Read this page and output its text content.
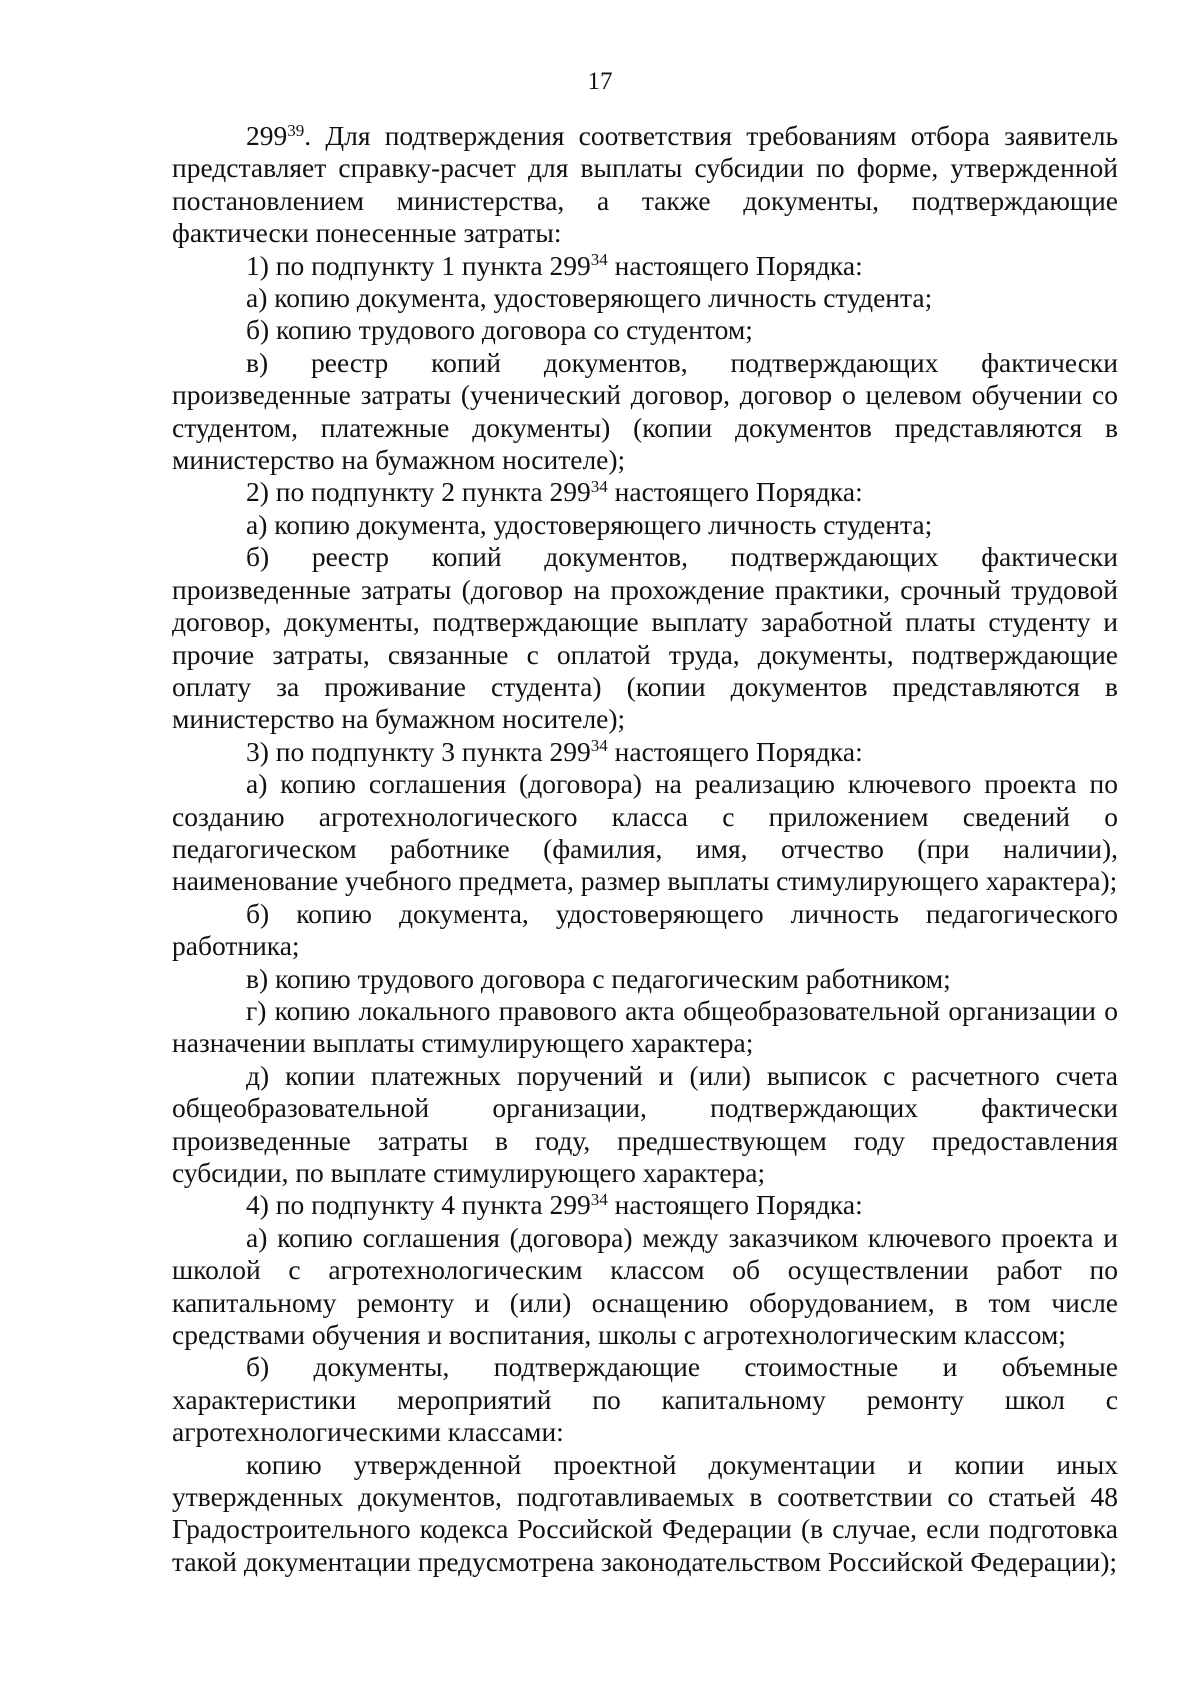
17

$299^{39}$. Для подтверждения соответствия требованиям отбора заявитель представляет справку-расчет для выплаты субсидии по форме, утвержденной постановлением министерства, а также документы, подтверждающие фактически понесенные затраты:

1) по подпункту 1 пункта $299^{34}$ настоящего Порядка:

а) копию документа, удостоверяющего личность студента;

б) копию трудового договора со студентом;

в) реестр копий документов, подтверждающих фактически произведенные затраты (ученический договор, договор о целевом обучении со студентом, платежные документы) (копии документов представляются в министерство на бумажном носителе);

2) по подпункту 2 пункта $299^{34}$ настоящего Порядка:

а) копию документа, удостоверяющего личность студента;

б) реестр копий документов, подтверждающих фактически произведенные затраты (договор на прохождение практики, срочный трудовой договор, документы, подтверждающие выплату заработной платы студенту и прочие затраты, связанные с оплатой труда, документы, подтверждающие оплату за проживание студента) (копии документов представляются в министерство на бумажном носителе);

3) по подпункту 3 пункта $299^{34}$ настоящего Порядка:

а) копию соглашения (договора) на реализацию ключевого проекта по созданию агротехнологического класса с приложением сведений о педагогическом работнике (фамилия, имя, отчество (при наличии), наименование учебного предмета, размер выплаты стимулирующего характера);

б) копию документа, удостоверяющего личность педагогического работника;

в) копию трудового договора с педагогическим работником;

г) копию локального правового акта общеобразовательной организации о назначении выплаты стимулирующего характера;

д) копии платежных поручений и (или) выписок с расчетного счета общеобразовательной организации, подтверждающих фактически произведенные затраты в году, предшествующем году предоставления субсидии, по выплате стимулирующего характера;

4) по подпункту 4 пункта $299^{34}$ настоящего Порядка:

а) копию соглашения (договора) между заказчиком ключевого проекта и школой с агротехнологическим классом об осуществлении работ по капитальному ремонту и (или) оснащению оборудованием, в том числе средствами обучения и воспитания, школы с агротехнологическим классом;

б) документы, подтверждающие стоимостные и объемные характеристики мероприятий по капитальному ремонту школ с агротехнологическими классами:

копию утвержденной проектной документации и копии иных утвержденных документов, подготавливаемых в соответствии со статьей 48 Градостроительного кодекса Российской Федерации (в случае, если подготовка такой документации предусмотрена законодательством Российской Федерации);
